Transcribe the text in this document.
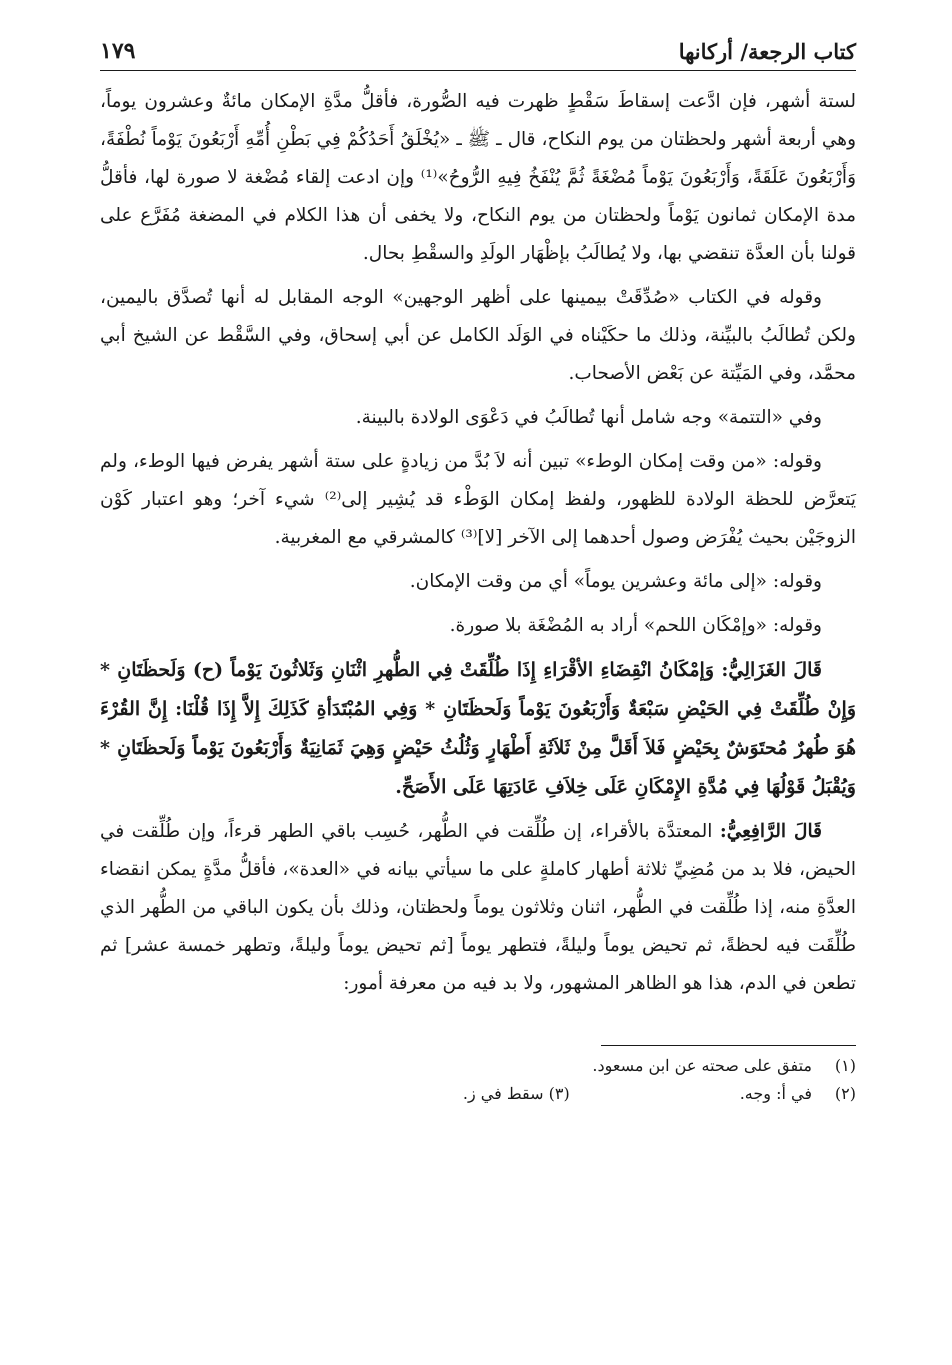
كتاب الرجعة/ أركانها
١٧٩

لستة أشهر، فإن ادَّعت إسقاطَ سَقْطٍ ظهرت فيه الصُّورة، فأقلُّ مدَّةِ الإمكان مائةٌ وعشرون يوماً، وهي أربعة أشهر ولحظتان من يوم النكاح، قال ـ ﷺ ـ «يُخْلَقُ أَحَدُكُمْ فِي بَطْنِ أُمِّهِ أَرْبَعُونَ يَوْماً نُطْفَةً، وَأَرْبَعُونَ عَلَقَةً، وَأَرْبَعُونَ يَوْماً مُضْغَةً ثُمَّ يُنْفَخُ فِيهِ الرُّوحُ»⁽¹⁾ وإن ادعت إلقاء مُضْغة لا صورة لها، فأقلُّ مدة الإمكان ثمانون يَوْماً ولحظتان من يوم النكاح، ولا يخفى أن هذا الكلام في المضغة مُفَرَّع على قولنا بأن العدَّة تنقضي بها، ولا يُطالَبُ بإظْهَار الولَدِ والسقْطِ بحال.

وقوله في الكتاب «صُدِّقَتْ بيمينها على أظهر الوجهين» الوجه المقابل له أنها تُصدَّق باليمين، ولكن تُطالَبُ بالبيِّنة، وذلك ما حكَيْناه في الوَلَد الكامل عن أبي إسحاق، وفي السَّقْط عن الشيخ أبي محمَّد، وفي المَيِّتة عن بَعْض الأصحاب.

وفي «التتمة» وجه شامل أنها تُطالَبُ في دَعْوَى الولادة بالبينة.

وقوله: «من وقت إمكان الوطء» تبين أنه لاَ بُدَّ من زيادةٍ على ستة أشهر يفرض فيها الوطء، ولم يَتعرَّض للحظة الولادة للظهور، ولفظ إمكان الوَطْء قد يُشِير إلى⁽²⁾ شيء آخر؛ وهو اعتبار كَوْن الزوجَيْن بحيث يُفْرَض وصول أحدهما إلى الآخر [لا]⁽³⁾ كالمشرقي مع المغربية.

وقوله: «إلى مائة وعشرين يوماً» أي من وقت الإمكان.

وقوله: «وإمْكَان اللحم» أراد به المُضْغَة بلا صورة.

قَالَ الغَزَالِيُّ: وَإمْكَانُ انْقِضَاءِ الأقْرَاءِ إِذَا طُلِّقَتْ فِي الطُّهرِ اثْنَانِ وَثَلاثُونَ يَوْماً (ح) وَلَحظَتَانِ * وَإِنْ طُلِّقَتْ فِي الحَيْضِ سَبْعَةٌ وَأَرْبَعُونَ يَوْماً وَلَحظَتَانِ * وَفِي المُبْتَدَأةِ كَذَلِكَ إِلاَّ إِذَا قُلْنَا: إِنَّ القُرْءَ هُوَ طُهرٌ مُحتَوَشٌ بِحَيْضٍ فَلاَ أَقَلَّ مِنْ ثَلاَثَةِ أَطْهَارٍ وَثُلُثُ حَيْضٍ وَهِيَ ثَمَانِيَةٌ وَأَرْبَعُونَ يَوْماً وَلَحظَتَانِ * وَيُقْبَلُ قَوْلُهَا فِي مُدَّةِ الإِمْكَانِ عَلَى خِلاَفِ عَادَتِهَا عَلَى الأَصَحِّ.

قَالَ الرَّافِعِيُّ: المعتدَّة بالأقراء، إن طُلِّقت في الطُّهر، حُسِب باقي الطهر قرءاً، وإن طُلِّقت في الحيض، فلا بد من مُضِيِّ ثلاثة أطهار كاملةٍ على ما سيأتي بيانه في «العدة»، فأقلُّ مدَّةٍ يمكن انقضاء العدَّةِ منه، إذا طُلِّقت في الطُّهر، اثنان وثلاثون يوماً ولحظتان، وذلك بأن يكون الباقي من الطُّهر الذي طُلِّقَت فيه لحظةً، ثم تحيض يوماً وليلةً، فتطهر يوماً [ثم تحيض يوماً وليلةً، وتطهر خمسة عشر] ثم تطعن في الدم، هذا هو الظاهر المشهور، ولا بد فيه من معرفة أمور:

(١)
متفق على صحته عن ابن مسعود.
(٢)
في أ: وجه.
(٣) سقط في ز.
